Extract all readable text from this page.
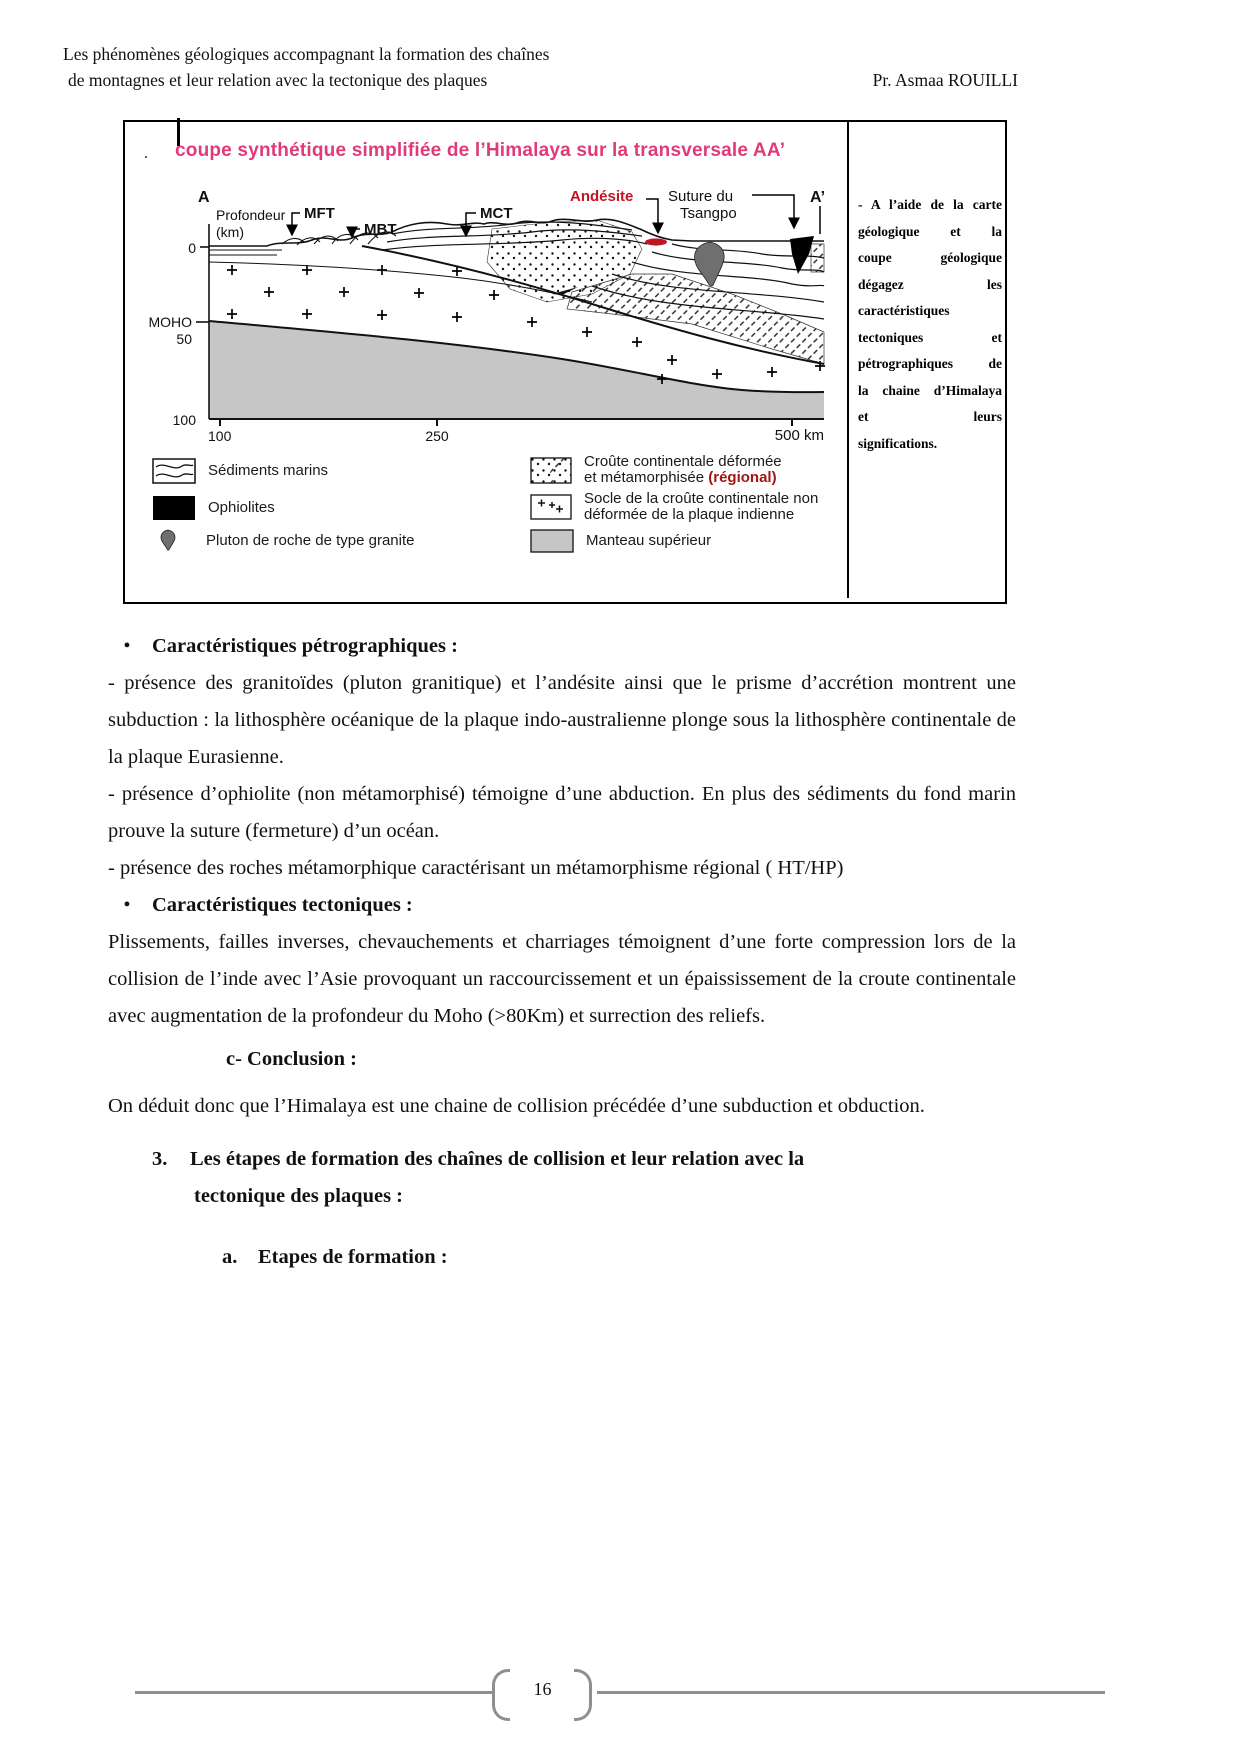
Les phénomènes géologiques accompagnant la formation des chaînes
de montagnes et leur relation avec la tectonique des plaques	Pr. Asmaa ROUILLI
· coupe synthétique simplifiée de l’Himalaya sur la transversale AA’
A	A’
Profondeur
(km)
MFT
MBT
MCT
Andésite Suture du
Tsangpo
MOHO
0
50
100
100	250	500 km
Sédiments marins
Ophiolites
Pluton de roche de type granite
Croûte continentale déformée
et métamorphisée (régional)
Socle de la croûte continentale non
déformée de la plaque indienne
Manteau supérieur
- A l’aide de la carte
géologique et la
coupe géologique
dégagez les
caractéristiques
tectoniques et
pétrographiques de
la chaine d’Himalaya
et leurs
significations.
•	Caractéristiques pétrographiques :

- présence des granitoïdes (pluton granitique) et l’andésite ainsi que le prisme d’accrétion montrent une subduction : la lithosphère océanique de la plaque indo-australienne plonge sous la lithosphère continentale de la plaque Eurasienne.

- présence d’ophiolite (non métamorphisé) témoigne d’une abduction. En plus des sédiments du fond marin prouve la suture (fermeture) d’un océan.

- présence des roches métamorphique caractérisant un métamorphisme régional ( HT/HP)

•	Caractéristiques tectoniques :

Plissements, failles inverses, chevauchements et charriages témoignent d’une forte compression lors de la collision de l’inde avec l’Asie provoquant un raccourcissement et un épaississement de la croute continentale avec augmentation de la profondeur du Moho (>80Km) et surrection des reliefs.

c- Conclusion :

On déduit donc que l’Himalaya est une chaine de collision précédée d’une subduction et obduction.

3.	Les étapes de formation des chaînes de collision et leur relation avec la
tectonique des plaques :
a.	Etapes de formation :
16
